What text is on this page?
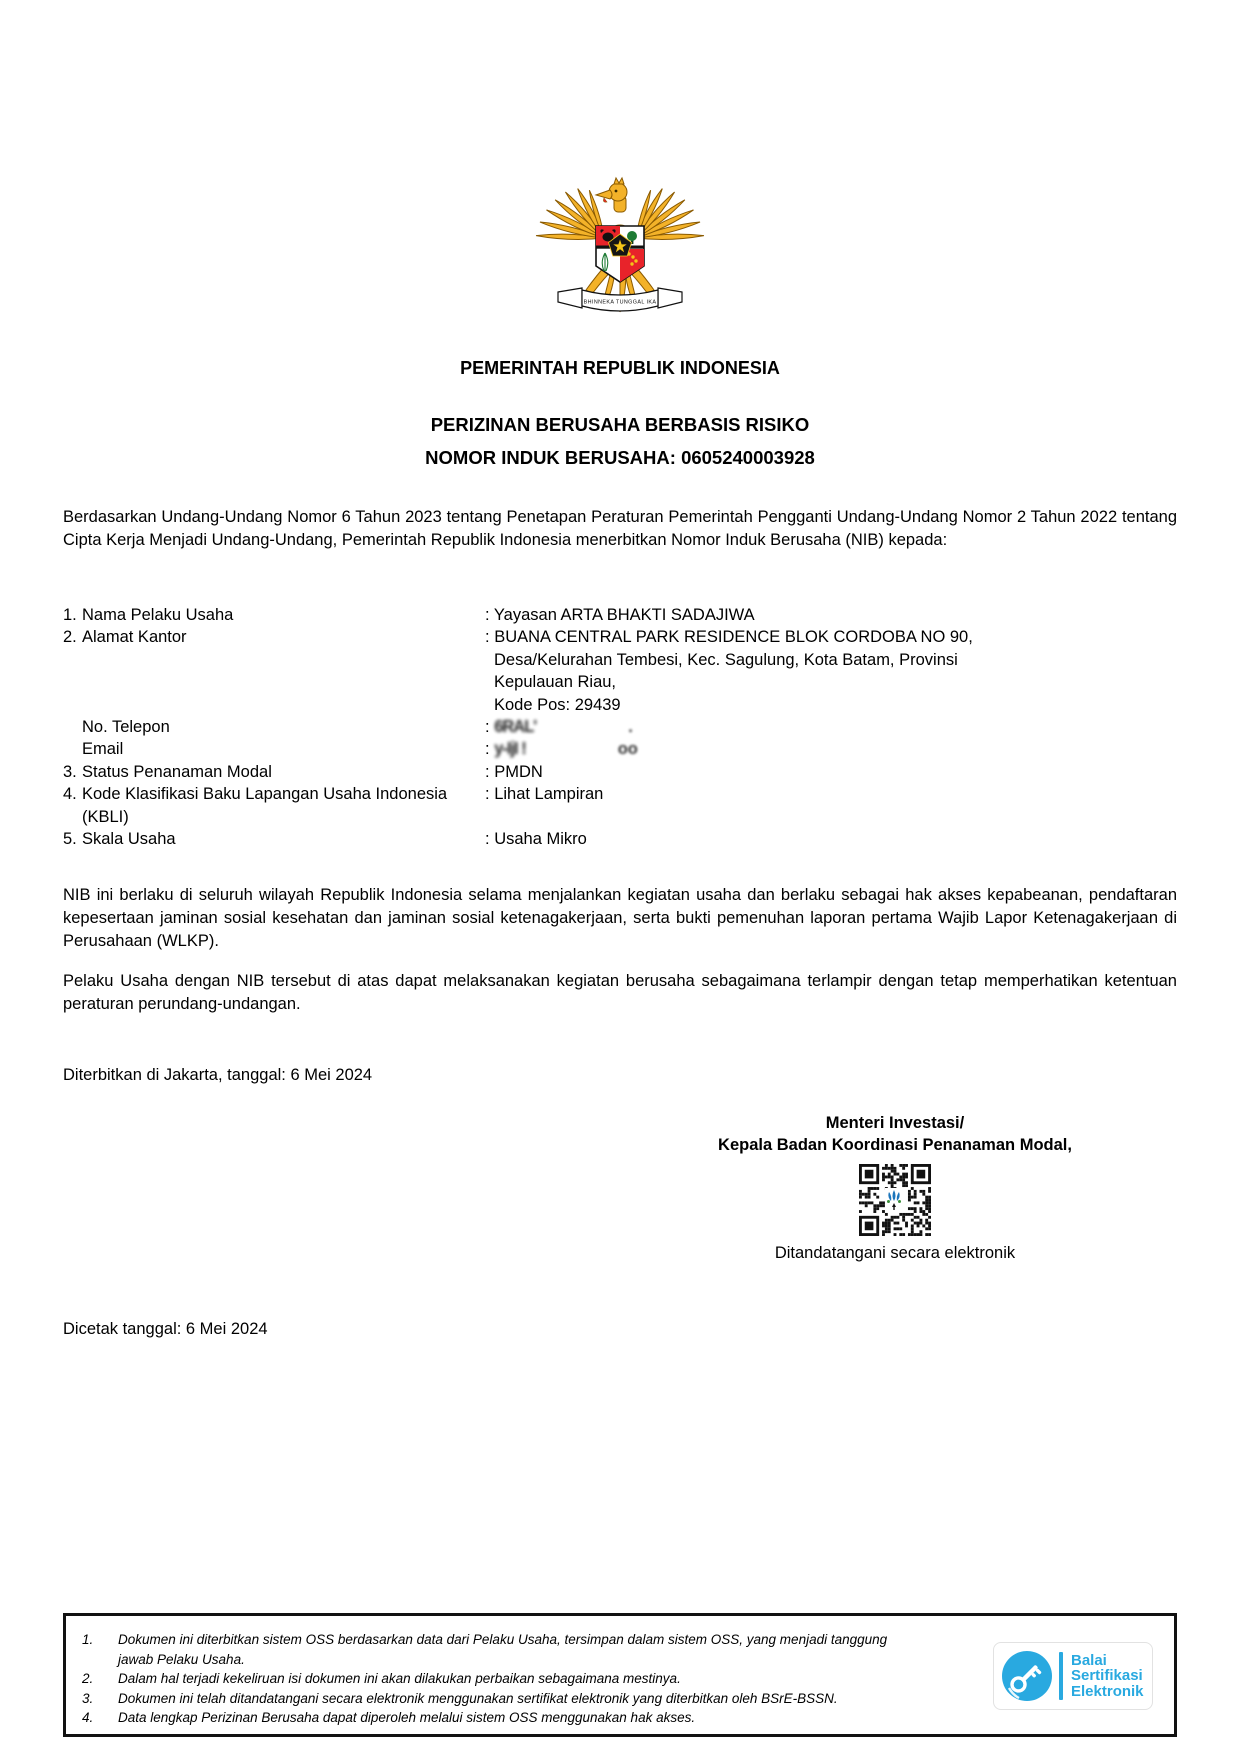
BHINNEKA TUNGGAL IKA
PEMERINTAH REPUBLIK INDONESIA
PERIZINAN BERUSAHA BERBASIS RISIKO
NOMOR INDUK BERUSAHA: 0605240003928
Berdasarkan Undang-Undang Nomor 6 Tahun 2023 tentang Penetapan Peraturan Pemerintah Pengganti Undang-Undang Nomor 2 Tahun 2022 tentang Cipta Kerja Menjadi Undang-Undang, Pemerintah Republik Indonesia menerbitkan Nomor Induk Berusaha (NIB) kepada:
1. Nama Pelaku Usaha	: Yayasan ARTA BHAKTI SADAJIWA
2. Alamat Kantor	: BUANA CENTRAL PARK RESIDENCE BLOK CORDOBA NO 90,
Desa/Kelurahan Tembesi, Kec. Sagulung, Kota Batam, Provinsi
Kepulauan Riau,
Kode Pos: 29439
No. Telepon	: 6RAL'	.
Email	: y-IjI !	oo
3. Status Penanaman Modal	: PMDN
4. Kode Klasifikasi Baku Lapangan Usaha Indonesia
(KBLI)
: Lihat Lampiran
5. Skala Usaha	: Usaha Mikro
NIB ini berlaku di seluruh wilayah Republik Indonesia selama menjalankan kegiatan usaha dan berlaku sebagai hak akses kepabeanan, pendaftaran kepesertaan jaminan sosial kesehatan dan jaminan sosial ketenagakerjaan, serta bukti pemenuhan laporan pertama Wajib Lapor Ketenagakerjaan di Perusahaan (WLKP).
Pelaku Usaha dengan NIB tersebut di atas dapat melaksanakan kegiatan berusaha sebagaimana terlampir dengan tetap memperhatikan ketentuan peraturan perundang-undangan.
Diterbitkan di Jakarta, tanggal: 6 Mei 2024
Menteri Investasi/
Kepala Badan Koordinasi Penanaman Modal,
Ditandatangani secara elektronik
Dicetak tanggal: 6 Mei 2024
1.	Dokumen ini diterbitkan sistem OSS berdasarkan data dari Pelaku Usaha, tersimpan dalam sistem OSS, yang menjadi tanggung jawab Pelaku Usaha.
2.	Dalam hal terjadi kekeliruan isi dokumen ini akan dilakukan perbaikan sebagaimana mestinya.
3.	Dokumen ini telah ditandatangani secara elektronik menggunakan sertifikat elektronik yang diterbitkan oleh BSrE-BSSN.
4.	Data lengkap Perizinan Berusaha dapat diperoleh melalui sistem OSS menggunakan hak akses.
Balai
Sertifikasi
Elektronik
